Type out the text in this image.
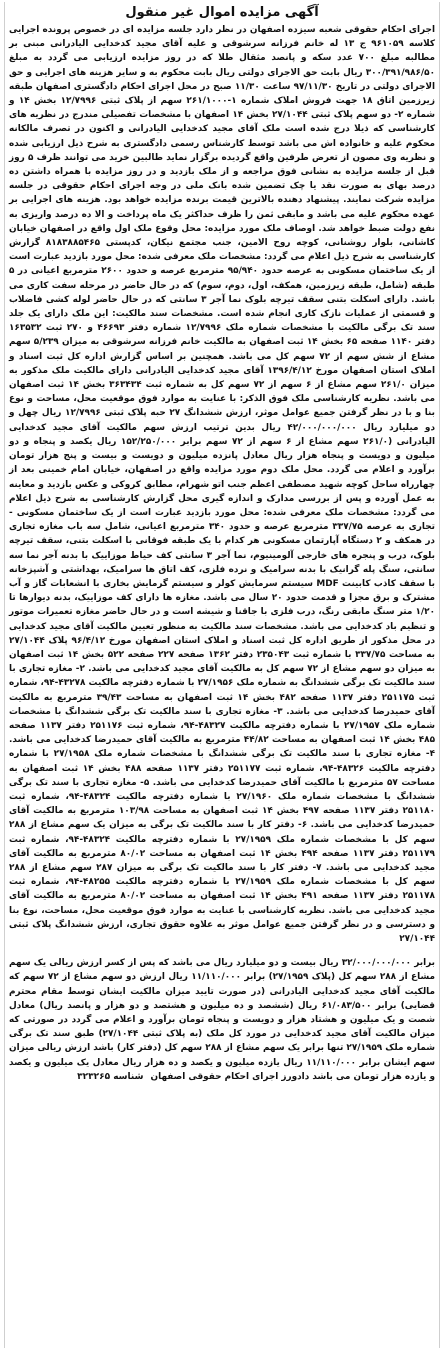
آگهی مزایده اموال غیر منقول

اجرای احکام حقوقی شعبه سیزده اصفهان در نظر دارد جلسه مزایده ای در خصوص پرونده اجرایی کلاسه ۹۶۱۰۵۹ ج ۱۳ له خانم فرزانه سرشوقی و علیه آقای مجید کدخدایی الیادرانی مبنی بر مطالبه مبلغ ۷۰۰ عدد سکه و پانصد مثقال طلا که در روز مزایده ارزیابی می گردد به مبلغ ۳۰۰/۳۹۱/۹۸۶/۵۰ ریال بابت حق الاجرای دولتی ریال بابت محکوم به و سایر هزینه های اجرایی و حق الاجرای دولتی در تاریخ ۹۷/۱۱/۳۰ ساعت ۱۱/۳۰ صبح در محل اجرای احکام دادگستری اصفهان طبقه زیرزمین اتاق ۱۸ جهت فروش املاک شماره ۱-۲۶۱/۱۰۰۰ سهم از پلاک ثبتی ۱۲/۷۹۹۶ بخش ۱۴ و شماره ۲- دو سهم پلاک ثبتی ۲۷/۱۰۴۴ بخش ۱۴ اصفهان با مشخصات تفصیلی مندرج در نظریه های کارشناسی که ذیلا درج شده است ملک آقای مجید کدخدایی الیادرانی و اکنون در تصرف مالکانه محکوم علیه و خانواده اش می باشد توسط کارشناس رسمی دادگستری به شرح ذیل ارزیابی شده و نظریه وی مصون از تعرض طرفین واقع گردیده برگزار نماید طالبین خرید می توانند ظرف ۵ روز قبل از جلسه مزایده به نشانی فوق مراجعه و از ملک بازدید و در روز مزایده با همراه داشتن ده درصد بهای به صورت نقد یا چک تضمین شده بانک ملی در وجه اجرای احکام حقوقی در جلسه مزایده شرکت نمایند. پیشنهاد دهنده بالاترین قیمت برنده مزایده خواهد بود. هزینه های اجرایی بر عهده محکوم علیه می باشد و مابقی ثمن را ظرف حداکثر یک ماه پرداخت و الا ده درصد واریزی به نفع دولت ضبط خواهد شد. اوصاف ملک مورد مزایده: محل وقوع ملک اول واقع در اصفهان خیابان کاشانی، بلوار روشنانی، کوچه روح الامین، جنب مجتمع نیکان، کدپستی ۸۱۸۳۸۸۵۴۶۵ گزارش کارشناسی به شرح ذیل اعلام می گردد: مشخصات ملک معرفی شده: محل مورد بازدید عبارت است از یک ساختمان مسکونی به عرصه حدود ۹۵/۹۴۰ مترمربع عرصه و حدود ۲۶۰۰ مترمربع اعیانی در ۵ طبقه (شامل، طبقه زیرزمین، همکف، اول، دوم، سوم) که در حال حاضر در مرحله سفت کاری می باشد. دارای اسکلت بتنی سقف تیرچه بلوک نما آجر ۳ سانتی که در حال حاضر لوله کشی فاضلاب و قسمتی از عملیات نازک کاری انجام شده است. مشخصات سند مالکیت: این ملک دارای یک جلد سند تک برگی مالکیت با مشخصات شماره ملک ۱۲/۷۹۹۶ شماره دفتر ۴۶۶۹۳ و ۲۷۰ ثبت ۱۶۳۵۳۲ دفتر ۱۱۴۰ صفحه ۶۵ بخش ۱۴ ثبت اصفهان به مالکیت خانم فرزانه سرشوقی به میزان ۵/۲۳۹ سهم مشاع از شش سهم از ۷۲ سهم کل می باشد. همچنین بر اساس گزارش اداره کل ثبت اسناد و املاک استان اصفهان مورخ ۱۳۹۶/۴/۱۲ آقای مجید کدخدایی الیادرانی دارای مالکیت ملک مذکور به میزان ۲۶۱/۰ سهم مشاع از ۶ سهم از ۷۲ سهم کل به شماره ثبت ۳۶۳۴۳۴ بخش ۱۴ ثبت اصفهان می باشد. نظریه کارشناسی ملک فوق الذکر: با عنایت به موارد فوق موقعیت محل، مساحت و نوع بنا و با در نظر گرفتن جمیع عوامل موثر، ارزش ششدانگ ۲۷ حبه پلاک ثبتی ۱۲/۷۹۹۶ ریال چهل و دو میلیارد ریال ۴۲/۰۰۰/۰۰۰/۰۰۰ ریال بدین ترتیب ارزش سهم مالکیت آقای مجید کدخدایی الیادرانی (۲۶۱/۰ سهم مشاع از ۶ سهم از ۷۲ سهم برابر ۱۵۲/۲۵۰/۰۰۰ ریال یکصد و پنجاه و دو میلیون و دویست و پنجاه هزار ریال معادل پانزده میلیون و دویست و بیست و پنج هزار تومان برآورد و اعلام می گردد. محل ملک دوم مورد مزایده واقع در اصفهان، خیابان امام خمینی بعد از چهارراه ساحل کوچه شهید مصطفی اعظم جنب اتو شهرام، مطابق کروکی و عکس بازدید و معاینه به عمل آورده و پس از بررسی مدارک و اندازه گیری محل گزارش کارشناسی به شرح ذیل اعلام می گردد: مشخصات ملک معرفی شده: محل مورد بازدید عبارت است از یک ساختمان مسکونی - تجاری به عرصه ۳۳۷/۷۵ مترمربع عرصه و حدود ۳۴۰ مترمربع اعیانی، شامل سه باب مغازه تجاری در همکف و ۲ دستگاه آپارتمان مسکونی هر کدام با یک طبقه فوقانی با اسکلت بتنی، سقف تیرچه بلوک، درب و پنجره های خارجی آلومینیوم، نما آجر ۳ سانتی کف حیاط موزاییک با بدنه آجر نما سه سانتی، سنگ پله گرانیک با بدنه سرامیک و نرده فلزی، کف اتاق ها سرامیک، بهداشتی و آشپزخانه با سقف کاذب کابینت MDF سیستم سرمایش کولر و سیستم گرمایش بخاری با انشعابات گاز و آب مشترک و برق مجزا و قدمت حدود ۲۰ سال می باشد. مغازه ها دارای کف موزاییک، بدنه دیوارها تا ۱/۲۰ متر سنگ مابقی رنگ، درب فلزی با جاقنا و شیشه است و در حال حاضر مغازه تعمیرات موتور و تنظیم باد کدخدایی می باشد. مشخصات سند مالکیت به منظور تعیین مالکیت آقای مجید کدخدایی در محل مذکور از طریق اداره کل ثبت اسناد و املاک استان اصفهان مورخ ۹۶/۴/۱۲ پلاک ۲۷/۱۰۴۴ به مساحت ۳۳۷/۷۵ با شماره ثبت ۲۳۵۰۴۳ دفتر ۱۳۶۲ صفحه ۲۲۷ صفحه ۵۲۲ بخش ۱۴ ثبت اصفهان به میزان دو سهم مشاع از ۷۲ سهم کل به مالکیت آقای مجید کدخدایی می باشد. ۲- مغازه تجاری با سند مالکیت تک برگی ششدانگ به شماره ملک ۲۷/۱۹۵۶ با شماره دفترچه مالکیت ۴۳۲۷۸-۹۴، شماره ثبت ۲۵۱۱۷۵ دفتر ۱۱۳۷ صفحه ۴۸۲ بخش ۱۴ ثبت اصفهان به مساحت ۳۹/۴۳ مترمربع به مالکیت آقای حمیدرضا کدخدایی می باشد. ۳- مغازه تجاری با سند مالکیت تک برگی ششدانگ با مشخصات شماره ملک ۲۷/۱۹۵۷ با شماره دفترچه مالکیت ۴۸۳۲۷-۹۴، شماره ثبت ۲۵۱۱۷۶ دفتر ۱۱۳۷ صفحه ۴۸۵ بخش ۱۴ ثبت اصفهان به مساحت ۴۴/۸۲ مترمربع به مالکیت آقای حمیدرضا کدخدایی می باشد. ۴- مغازه تجاری با سند مالکیت تک برگی ششدانگ با مشخصات شماره ملک ۲۷/۱۹۵۸ با شماره دفترچه مالکیت ۴۸۳۲۶-۹۴، شماره ثبت ۲۵۱۱۷۷ دفتر ۱۱۳۷ صفحه ۴۸۸ بخش ۱۴ ثبت اصفهان به مساحت ۵۷ مترمربع با مالکیت آقای حمیدرضا کدخدایی می باشد. ۵- مغازه تجاری با سند تک برگی ششدانگ با مشخصات شماره ملک ۲۷/۱۹۶۰ با شماره دفترچه مالکیت ۴۸۳۲۴-۹۴، شماره ثبت ۲۵۱۱۸۰ دفتر ۱۱۳۷ صفحه ۴۹۷ بخش ۱۴ ثبت اصفهان به مساحت ۱۰۳/۹۸ مترمربع به مالکیت آقای حمیدرضا کدخدایی می باشد. ۶- دفتر کار با سند مالکیت تک برگی به میزان یک سهم مشاع از ۲۸۸ سهم کل با مشخصات شماره ملک ۲۷/۱۹۵۹ با شماره دفترچه مالکیت ۴۸۳۲۴-۹۴، شماره ثبت ۲۵۱۱۷۹ دفتر ۱۱۳۷ صفحه ۴۹۴ بخش ۱۴ ثبت اصفهان به مساحت ۸۰/۰۲ مترمربع به مالکیت آقای مجید کدخدایی می باشد. ۷- دفتر کار با سند مالکیت تک برگی به میزان ۲۸۷ سهم مشاع از ۲۸۸ سهم کل با مشخصات شماره ملک ۲۷/۱۹۵۹ با شماره دفترچه مالکیت ۴۸۲۵۵-۹۴، شماره ثبت ۲۵۱۱۷۸ دفتر ۱۱۳۷ صفحه ۴۹۱ بخش ۱۴ ثبت اصفهان به مساحت ۸۰/۰۲ مترمربع به مالکیت آقای مجید کدخدایی می باشد. نظریه کارشناسی با عنایت به موارد فوق موقعیت محل، مساحت، نوع بنا و دسترسی و در نظر گرفتن جمیع عوامل موثر به علاوه حقوق تجاری، ارزش ششدانگ پلاک ثبتی ۲۷/۱۰۴۴

برابر ۳۲/۰۰۰/۰۰۰/۰۰۰ ریال بیست و دو میلیارد ریال می باشد که پس از کسر ارزش ریالی یک سهم مشاع از ۲۸۸ سهم کل (پلاک ۲۷/۱۹۵۹) برابر ۱۱/۱۱۰/۰۰۰ ریال ارزش دو سهم مشاع از ۷۲ سهم که مالکیت آقای مجید کدخدایی الیادرانی (در صورت تایید میزان مالکیت ایشان توسط مقام محترم قضایی) برابر ۶۱/۰۸۳/۵۰۰ ریال (ششصد و ده میلیون و هشتصد و دو هزار و پانصد ریال) معادل شصت و یک میلیون و هشتاد هزار و دویست و پنجاه تومان برآورد و اعلام می گردد در صورتی که میزان مالکیت آقای مجید کدخدایی در مورد کل ملک (به پلاک ثبتی ۲۷/۱۰۴۴) طبق سند تک برگی شماره ملک ۲۷/۱۹۵۹ تنها برابر یک سهم مشاع از ۲۸۸ سهم کل (دفتر کار) باشد ارزش ریالی میزان سهم ایشان برابر ۱۱/۱۱۰/۰۰۰ ریال یازده میلیون و یکصد و ده هزار ریال معادل یک میلیون و یکصد و یازده هزار تومان می باشد دادورز اجرای احکام حقوقی اصفهان شناسه ۳۲۳۲۶۵
